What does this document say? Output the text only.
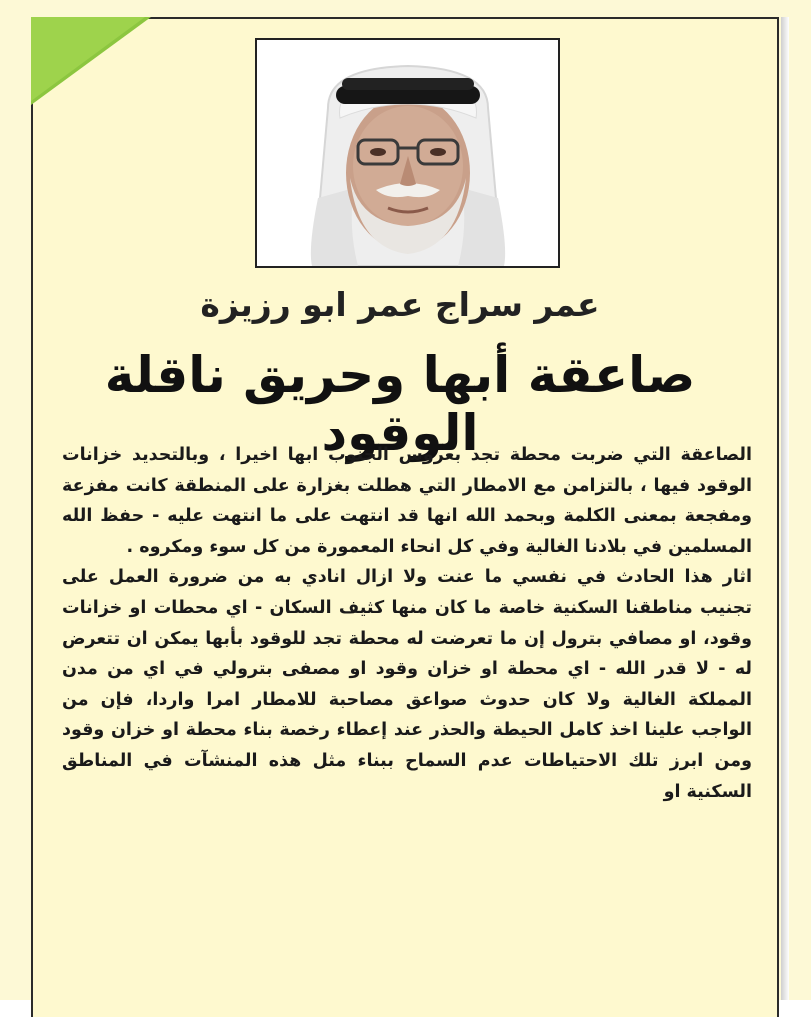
عمر سراج عمر ابو رزيزة
صاعقة أبها وحريق ناقلة الوقود

الصاعقة التي ضربت محطة تجد بعروس الجنوب ابها اخيرا ، وبالتحديد خزانات الوقود فيها ، بالتزامن مع الامطار التي هطلت بغزارة على المنطقة كانت مفزعة ومفجعة بمعنى الكلمة وبحمد الله انها قد انتهت على ما انتهت عليه - حفظ الله المسلمين في بلادنا الغالية وفي كل انحاء المعمورة من كل سوء ومكروه .

اثار هذا الحادث في نفسي ما عنت ولا ازال انادي به من ضرورة العمل على تجنيب مناطقنا السكنية خاصة ما كان منها كثيف السكان - اي محطات او خزانات وقود، او مصافي بترول إن ما تعرضت له محطة تجد للوقود بأبها يمكن ان تتعرض له - لا قدر الله - اي محطة او خزان وقود او مصفى بترولي في اي من مدن المملكة الغالية ولا كان حدوث صواعق مصاحبة للامطار امرا واردا، فإن من الواجب علينا اخذ كامل الحيطة والحذر عند إعطاء رخصة بناء محطة او خزان وقود ومن ابرز تلك الاحتياطات عدم السماح ببناء مثل هذه المنشآت في المناطق السكنية او
